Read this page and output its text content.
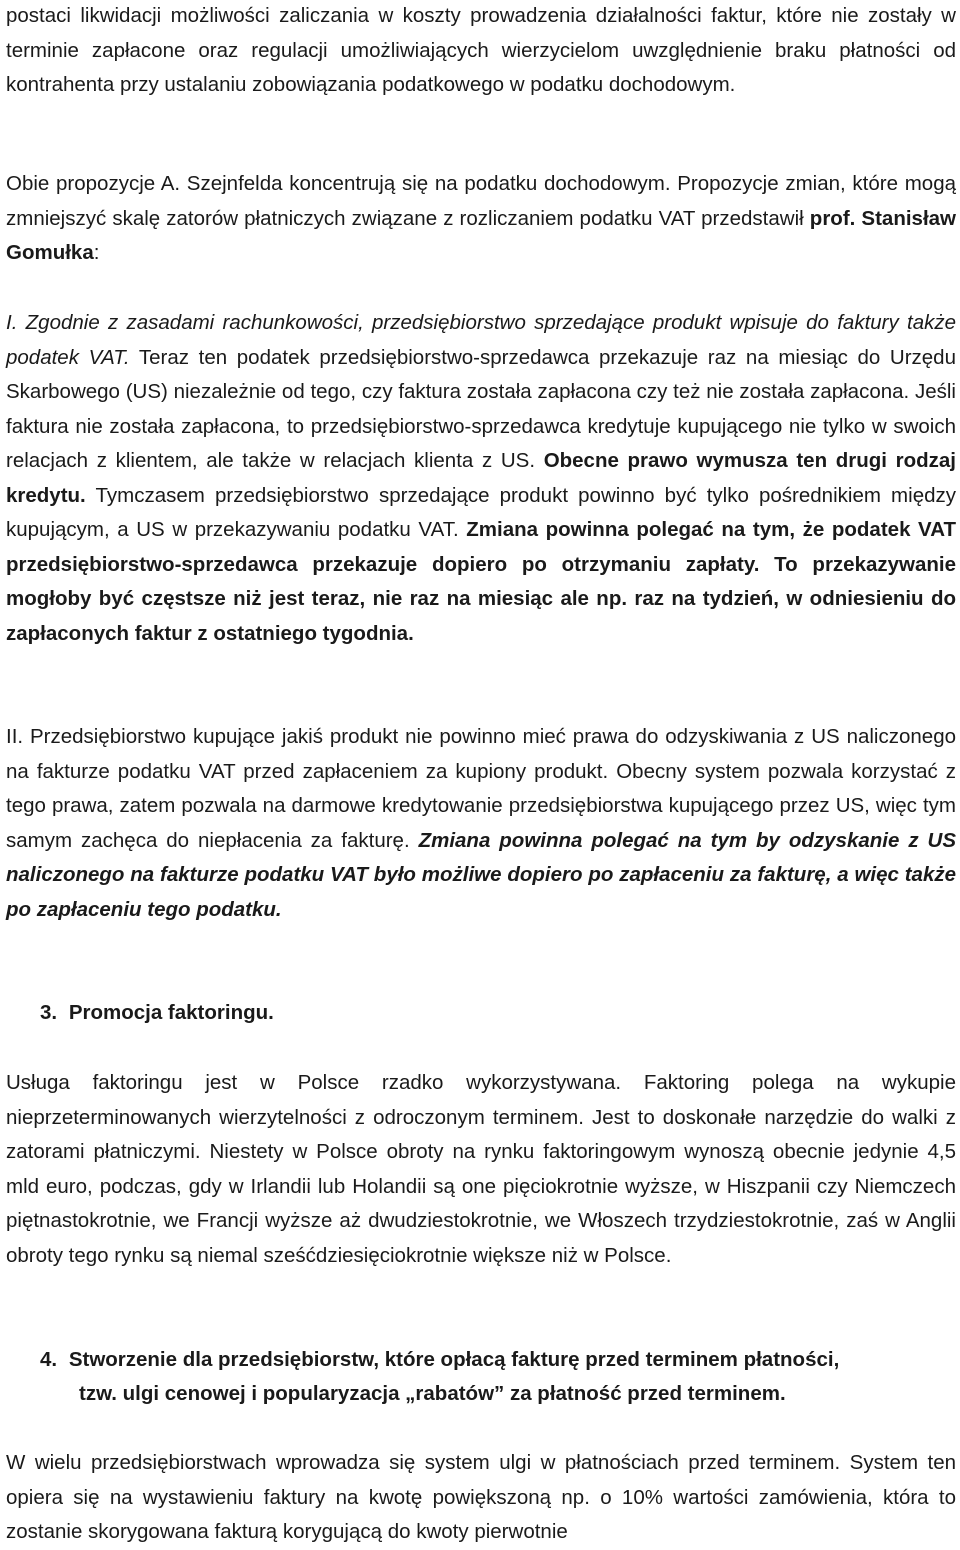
postaci likwidacji możliwości zaliczania w koszty prowadzenia działalności faktur, które nie zostały w terminie zapłacone oraz regulacji umożliwiających wierzycielom uwzględnienie braku płatności od kontrahenta przy ustalaniu zobowiązania podatkowego w podatku dochodowym.

Obie propozycje A. Szejnfelda koncentrują się na podatku dochodowym. Propozycje zmian, które mogą zmniejszyć skalę zatorów płatniczych związane z rozliczaniem podatku VAT przedstawił prof. Stanisław Gomułka:

I. Zgodnie z zasadami rachunkowości, przedsiębiorstwo sprzedające produkt wpisuje do faktury także podatek VAT. Teraz ten podatek przedsiębiorstwo-sprzedawca przekazuje raz na miesiąc do Urzędu Skarbowego (US) niezależnie od tego, czy faktura została zapłacona czy też nie została zapłacona. Jeśli faktura nie została zapłacona, to przedsiębiorstwo-sprzedawca kredytuje kupującego nie tylko w swoich relacjach z klientem, ale także w relacjach klienta z US. Obecne prawo wymusza ten drugi rodzaj kredytu. Tymczasem przedsiębiorstwo sprzedające produkt powinno być tylko pośrednikiem między kupującym, a US w przekazywaniu podatku VAT. Zmiana powinna polegać na tym, że podatek VAT przedsiębiorstwo-sprzedawca przekazuje dopiero po otrzymaniu zapłaty. To przekazywanie mogłoby być częstsze niż jest teraz, nie raz na miesiąc ale np. raz na tydzień, w odniesieniu do zapłaconych faktur z ostatniego tygodnia.

II. Przedsiębiorstwo kupujące jakiś produkt nie powinno mieć prawa do odzyskiwania z US naliczonego na fakturze podatku VAT przed zapłaceniem za kupiony produkt. Obecny system pozwala korzystać z tego prawa, zatem pozwala na darmowe kredytowanie przedsiębiorstwa kupującego przez US, więc tym samym zachęca do niepłacenia za fakturę. Zmiana powinna polegać na tym by odzyskanie z US naliczonego na fakturze podatku VAT było możliwe dopiero po zapłaceniu za fakturę, a więc także po zapłaceniu tego podatku.

3. Promocja faktoringu.

Usługa faktoringu jest w Polsce rzadko wykorzystywana. Faktoring polega na wykupie nieprzeterminowanych wierzytelności z odroczonym terminem. Jest to doskonałe narzędzie do walki z zatorami płatniczymi. Niestety w Polsce obroty na rynku faktoringowym wynoszą obecnie jedynie 4,5 mld euro, podczas, gdy w Irlandii lub Holandii są one pięciokrotnie wyższe, w Hiszpanii czy Niemczech piętnastokrotnie, we Francji wyższe aż dwudziestokrotnie, we Włoszech trzydziestokrotnie, zaś w Anglii obroty tego rynku są niemal sześćdziesięciokrotnie większe niż w Polsce.

4. Stworzenie dla przedsiębiorstw, które opłacą fakturę przed terminem płatności,
tzw. ulgi cenowej i popularyzacja „rabatów” za płatność przed terminem.

W wielu przedsiębiorstwach wprowadza się system ulgi w płatnościach przed terminem. System ten opiera się na wystawieniu faktury na kwotę powiększoną np. o 10% wartości zamówienia, która to zostanie skorygowana fakturą korygującą do kwoty pierwotnie
